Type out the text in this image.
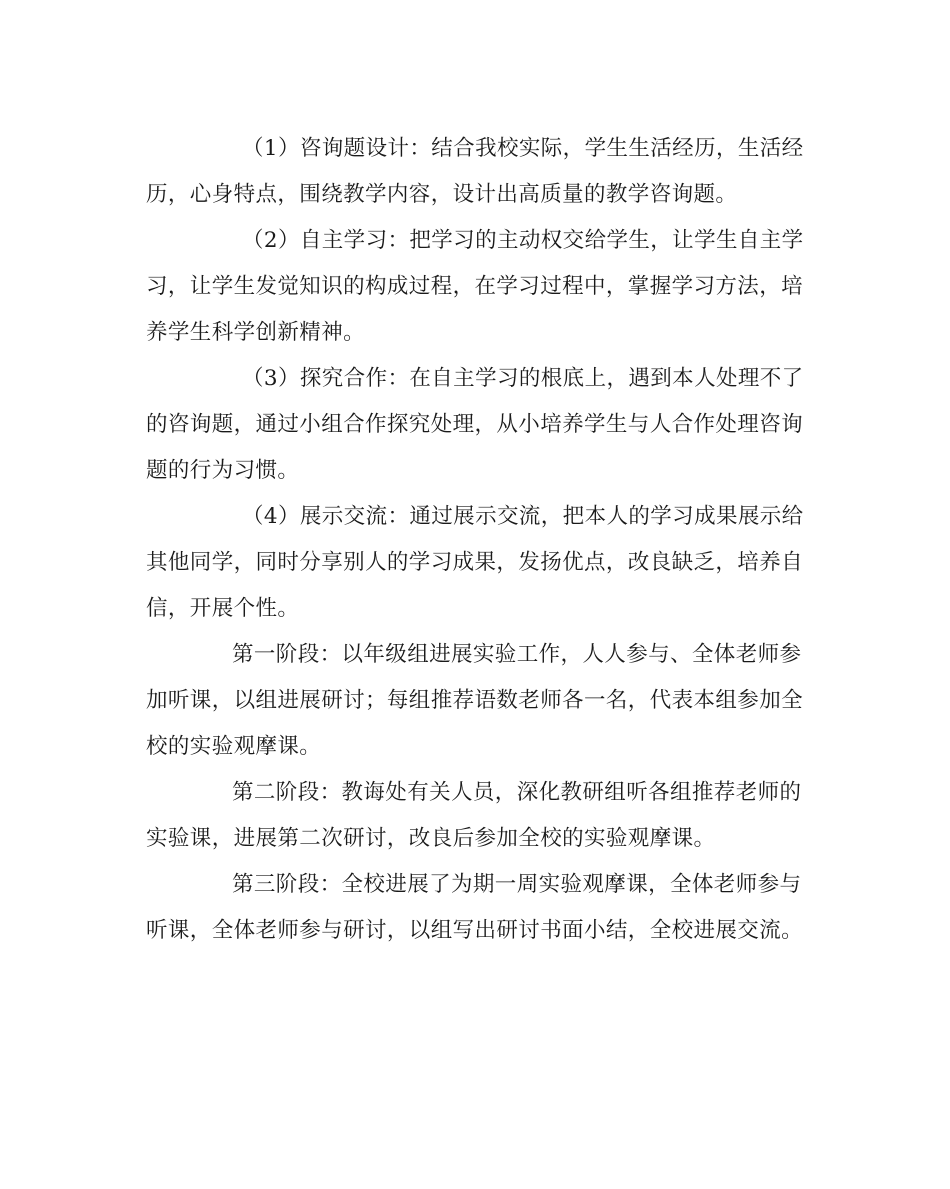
（1）咨询题设计：结合我校实际，学生生活经历，生活经
历，心身特点，围绕教学内容，设计出高质量的教学咨询题。

（2）自主学习：把学习的主动权交给学生，让学生自主学
习，让学生发觉知识的构成过程，在学习过程中，掌握学习方法，培
养学生科学创新精神。

（3）探究合作：在自主学习的根底上，遇到本人处理不了
的咨询题，通过小组合作探究处理，从小培养学生与人合作处理咨询
题的行为习惯。

（4）展示交流：通过展示交流，把本人的学习成果展示给
其他同学，同时分享别人的学习成果，发扬优点，改良缺乏，培养自
信，开展个性。

第一阶段：以年级组进展实验工作，人人参与、全体老师参
加听课，以组进展研讨；每组推荐语数老师各一名，代表本组参加全
校的实验观摩课。

第二阶段：教诲处有关人员，深化教研组听各组推荐老师的
实验课，进展第二次研讨，改良后参加全校的实验观摩课。

第三阶段：全校进展了为期一周实验观摩课，全体老师参与
听课，全体老师参与研讨，以组写出研讨书面小结，全校进展交流。
